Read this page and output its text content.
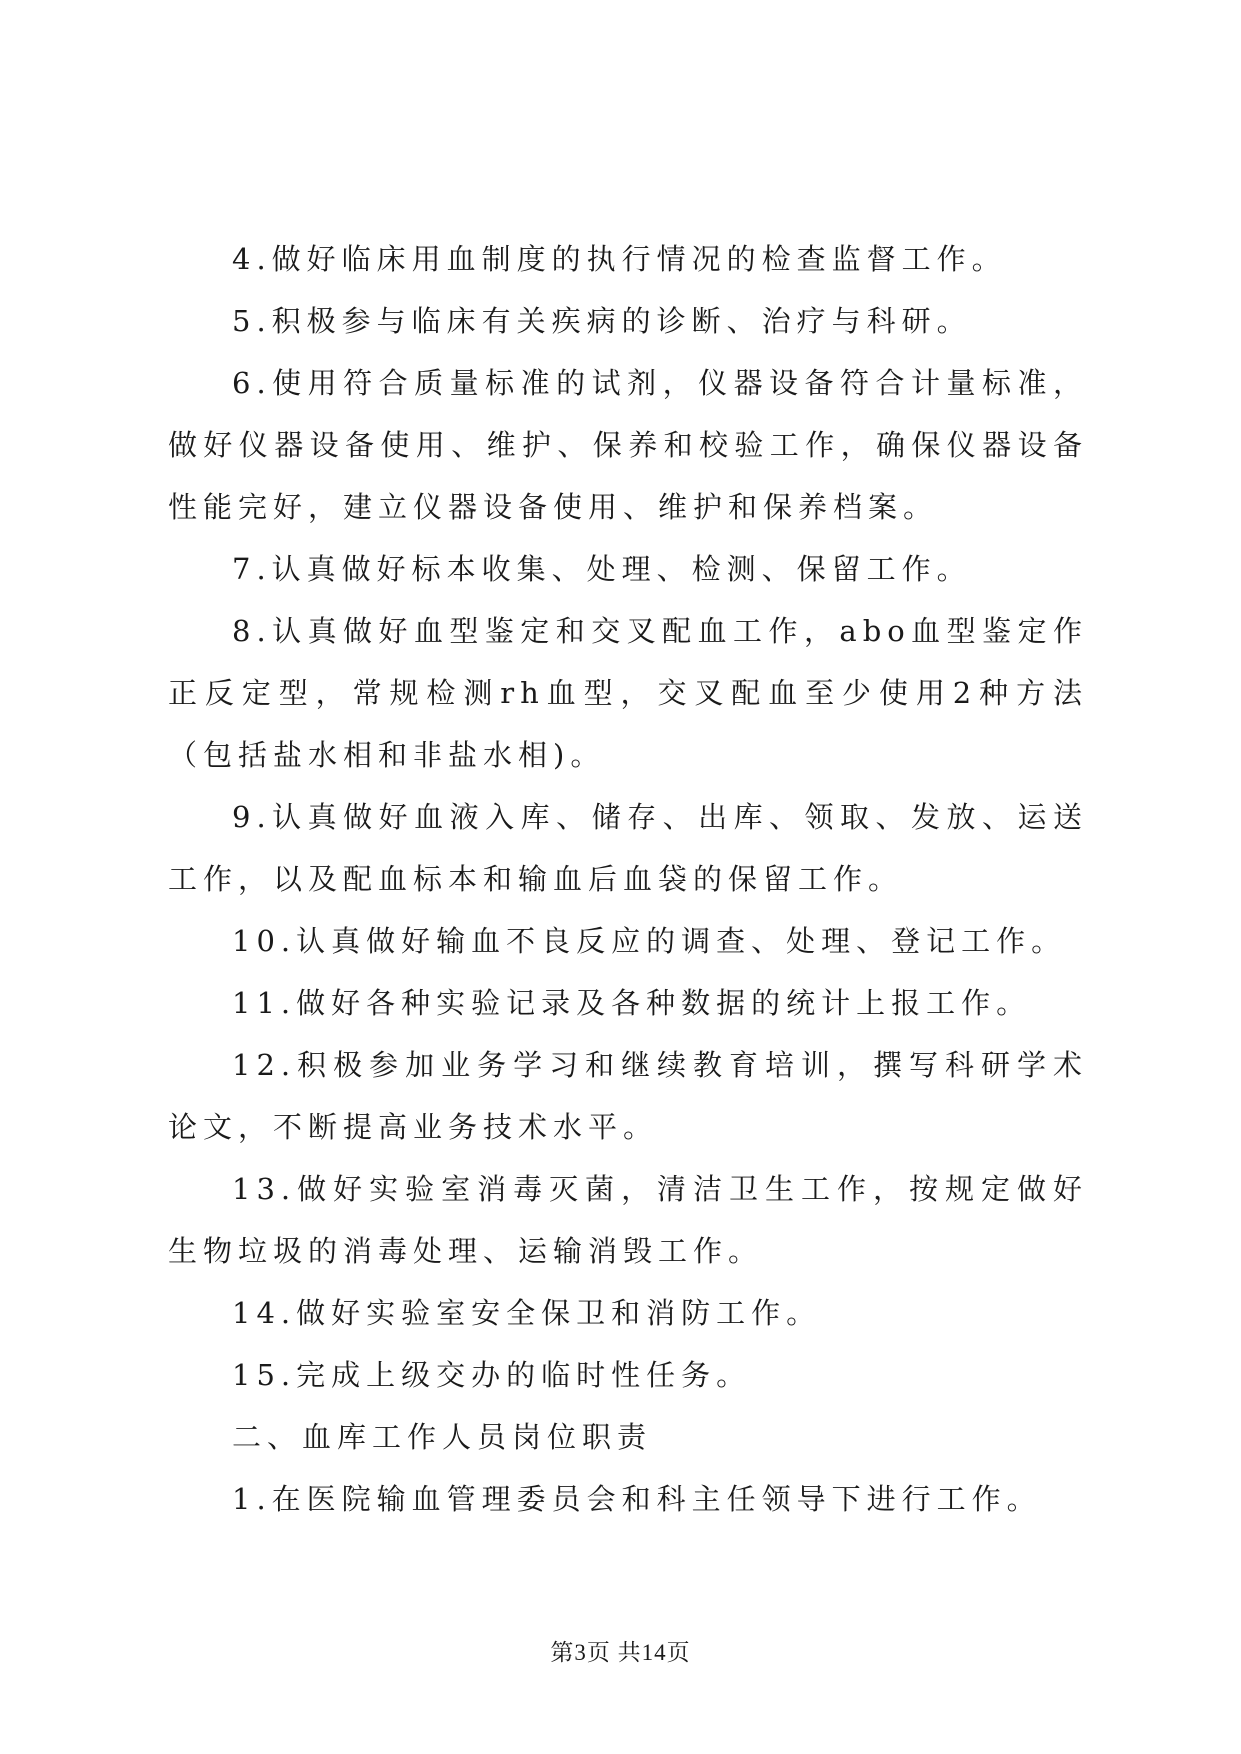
4.做好临床用血制度的执行情况的检查监督工作。

5.积极参与临床有关疾病的诊断、治疗与科研。

6.使用符合质量标准的试剂，仪器设备符合计量标准，做好仪器设备使用、维护、保养和校验工作，确保仪器设备性能完好，建立仪器设备使用、维护和保养档案。

7.认真做好标本收集、处理、检测、保留工作。

8.认真做好血型鉴定和交叉配血工作，abo血型鉴定作正反定型，常规检测rh血型，交叉配血至少使用2种方法（包括盐水相和非盐水相)。

9.认真做好血液入库、储存、出库、领取、发放、运送工作，以及配血标本和输血后血袋的保留工作。

10.认真做好输血不良反应的调查、处理、登记工作。

11.做好各种实验记录及各种数据的统计上报工作。

12.积极参加业务学习和继续教育培训，撰写科研学术论文，不断提高业务技术水平。

13.做好实验室消毒灭菌，清洁卫生工作，按规定做好生物垃圾的消毒处理、运输消毁工作。

14.做好实验室安全保卫和消防工作。

15.完成上级交办的临时性任务。

二、血库工作人员岗位职责

1.在医院输血管理委员会和科主任领导下进行工作。

第3页 共14页
